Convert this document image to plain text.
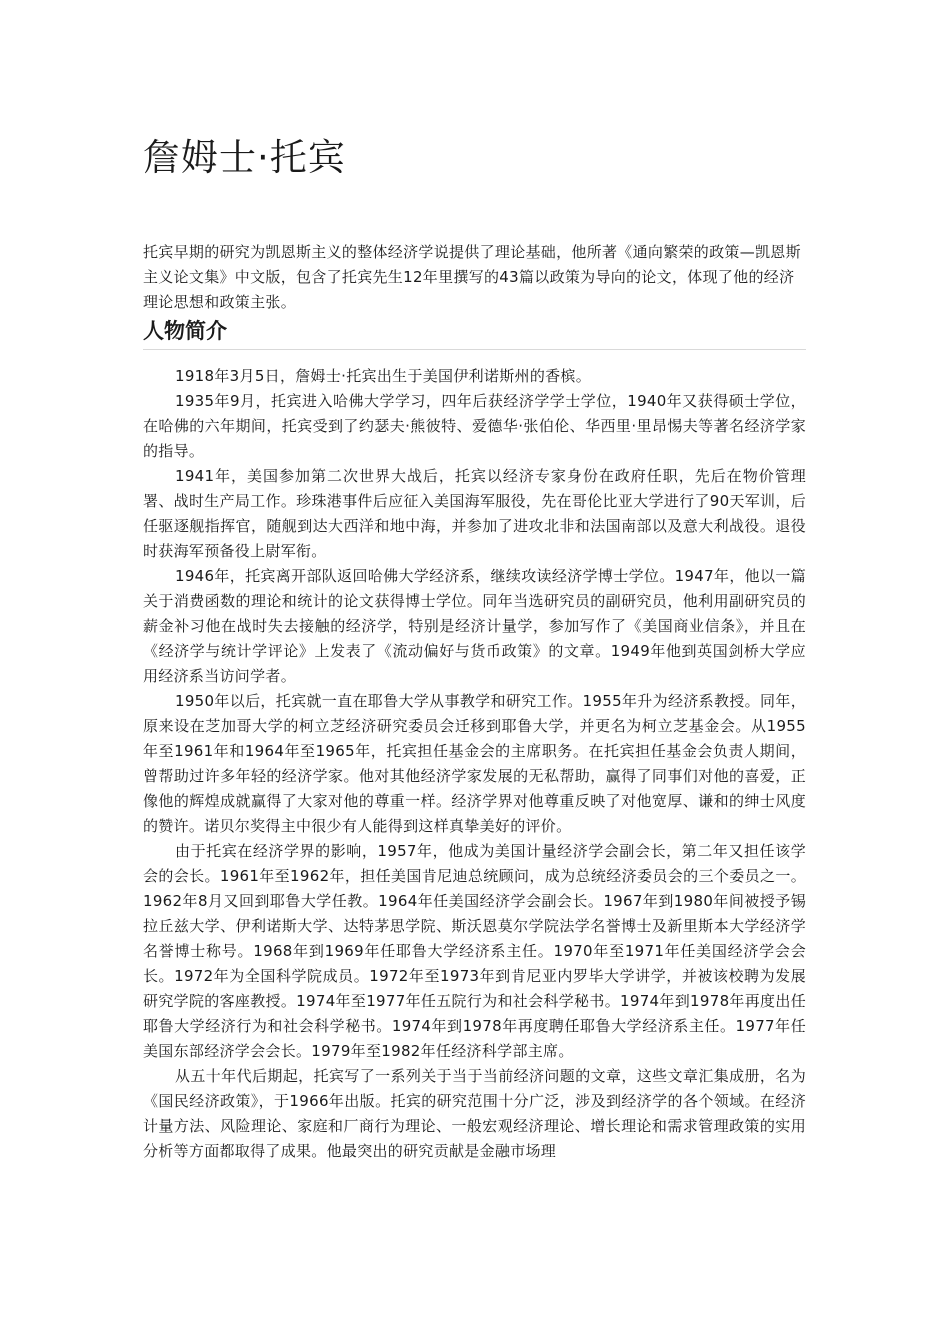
詹姆士·托宾

托宾早期的研究为凯恩斯主义的整体经济学说提供了理论基础，他所著《通向繁荣的政策—凯恩斯主义论文集》中文版，包含了托宾先生12年里撰写的43篇以政策为导向的论文，体现了他的经济理论思想和政策主张。

人物简介

1918年3月5日，詹姆士·托宾出生于美国伊利诺斯州的香槟。

1935年9月，托宾进入哈佛大学学习，四年后获经济学学士学位，1940年又获得硕士学位，在哈佛的六年期间，托宾受到了约瑟夫·熊彼特、爱德华·张伯伦、华西里·里昂惕夫等著名经济学家的指导。

1941年，美国参加第二次世界大战后，托宾以经济专家身份在政府任职，先后在物价管理署、战时生产局工作。珍珠港事件后应征入美国海军服役，先在哥伦比亚大学进行了90天军训，后任驱逐舰指挥官，随舰到达大西洋和地中海，并参加了进攻北非和法国南部以及意大利战役。退役时获海军预备役上尉军衔。

1946年，托宾离开部队返回哈佛大学经济系，继续攻读经济学博士学位。1947年，他以一篇关于消费函数的理论和统计的论文获得博士学位。同年当选研究员的副研究员，他利用副研究员的薪金补习他在战时失去接触的经济学，特别是经济计量学，参加写作了《美国商业信条》，并且在《经济学与统计学评论》上发表了《流动偏好与货币政策》的文章。1949年他到英国剑桥大学应用经济系当访问学者。

1950年以后，托宾就一直在耶鲁大学从事教学和研究工作。1955年升为经济系教授。同年，原来设在芝加哥大学的柯立芝经济研究委员会迁移到耶鲁大学，并更名为柯立芝基金会。从1955年至1961年和1964年至1965年，托宾担任基金会的主席职务。在托宾担任基金会负责人期间，曾帮助过许多年轻的经济学家。他对其他经济学家发展的无私帮助，赢得了同事们对他的喜爱，正像他的辉煌成就赢得了大家对他的尊重一样。经济学界对他尊重反映了对他宽厚、谦和的绅士风度的赞许。诺贝尔奖得主中很少有人能得到这样真挚美好的评价。

由于托宾在经济学界的影响，1957年，他成为美国计量经济学会副会长，第二年又担任该学会的会长。1961年至1962年，担任美国肯尼迪总统顾问，成为总统经济委员会的三个委员之一。1962年8月又回到耶鲁大学任教。1964年任美国经济学会副会长。1967年到1980年间被授予锡拉丘兹大学、伊利诺斯大学、达特茅思学院、斯沃恩莫尔学院法学名誉博士及新里斯本大学经济学名誉博士称号。1968年到1969年任耶鲁大学经济系主任。1970年至1971年任美国经济学会会长。1972年为全国科学院成员。1972年至1973年到肯尼亚内罗毕大学讲学，并被该校聘为发展研究学院的客座教授。1974年至1977年任五院行为和社会科学秘书。1974年到1978年再度出任耶鲁大学经济行为和社会科学秘书。1974年到1978年再度聘任耶鲁大学经济系主任。1977年任美国东部经济学会会长。1979年至1982年任经济科学部主席。

从五十年代后期起，托宾写了一系列关于当于当前经济问题的文章，这些文章汇集成册，名为《国民经济政策》，于1966年出版。托宾的研究范围十分广泛，涉及到经济学的各个领域。在经济计量方法、风险理论、家庭和厂商行为理论、一般宏观经济理论、增长理论和需求管理政策的实用分析等方面都取得了成果。他最突出的研究贡献是金融市场理
